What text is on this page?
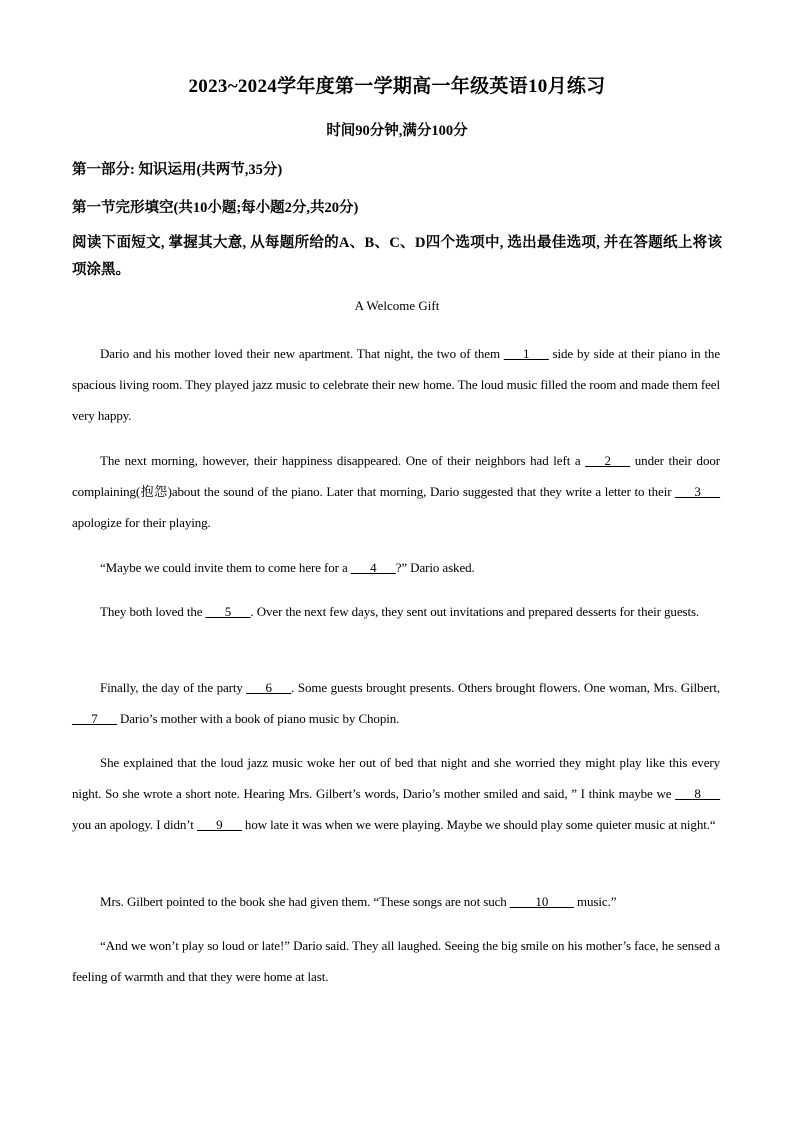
2023~2024学年度第一学期高一年级英语10月练习
时间90分钟,满分100分
第一部分: 知识运用(共两节,35分)
第一节完形填空(共10小题;每小题2分,共20分)
阅读下面短文, 掌握其大意, 从每题所给的A、B、C、D四个选项中, 选出最佳选项, 并在答题纸上将该项涂黑。
A Welcome Gift

Dario and his mother loved their new apartment. That night, the two of them ___1___ side by side at their piano in the spacious living room. They played jazz music to celebrate their new home. The loud music filled the room and made them feel very happy.

The next morning, however, their happiness disappeared. One of their neighbors had left a ___2___ under their door complaining(抱怨)about the sound of the piano. Later that morning, Dario suggested that they write a letter to their ___3___ apologize for their playing.

“Maybe we could invite them to come here for a ___4___?” Dario asked.

They both loved the ___5___. Over the next few days, they sent out invitations and prepared desserts for their guests.

Finally, the day of the party ___6___. Some guests brought presents. Others brought flowers. One woman, Mrs. Gilbert, ___7___ Dario’s mother with a book of piano music by Chopin.

She explained that the loud jazz music woke her out of bed that night and she worried they might play like this every night. So she wrote a short note. Hearing Mrs. Gilbert’s words, Dario’s mother smiled and said, ” I think maybe we ___8___ you an apology. I didn’t ___9___ how late it was when we were playing. Maybe we should play some quieter music at night.“

Mrs. Gilbert pointed to the book she had given them. “These songs are not such ____10____ music.”

“And we won’t play so loud or late!” Dario said. They all laughed. Seeing the big smile on his mother’s face, he sensed a feeling of warmth and that they were home at last.
